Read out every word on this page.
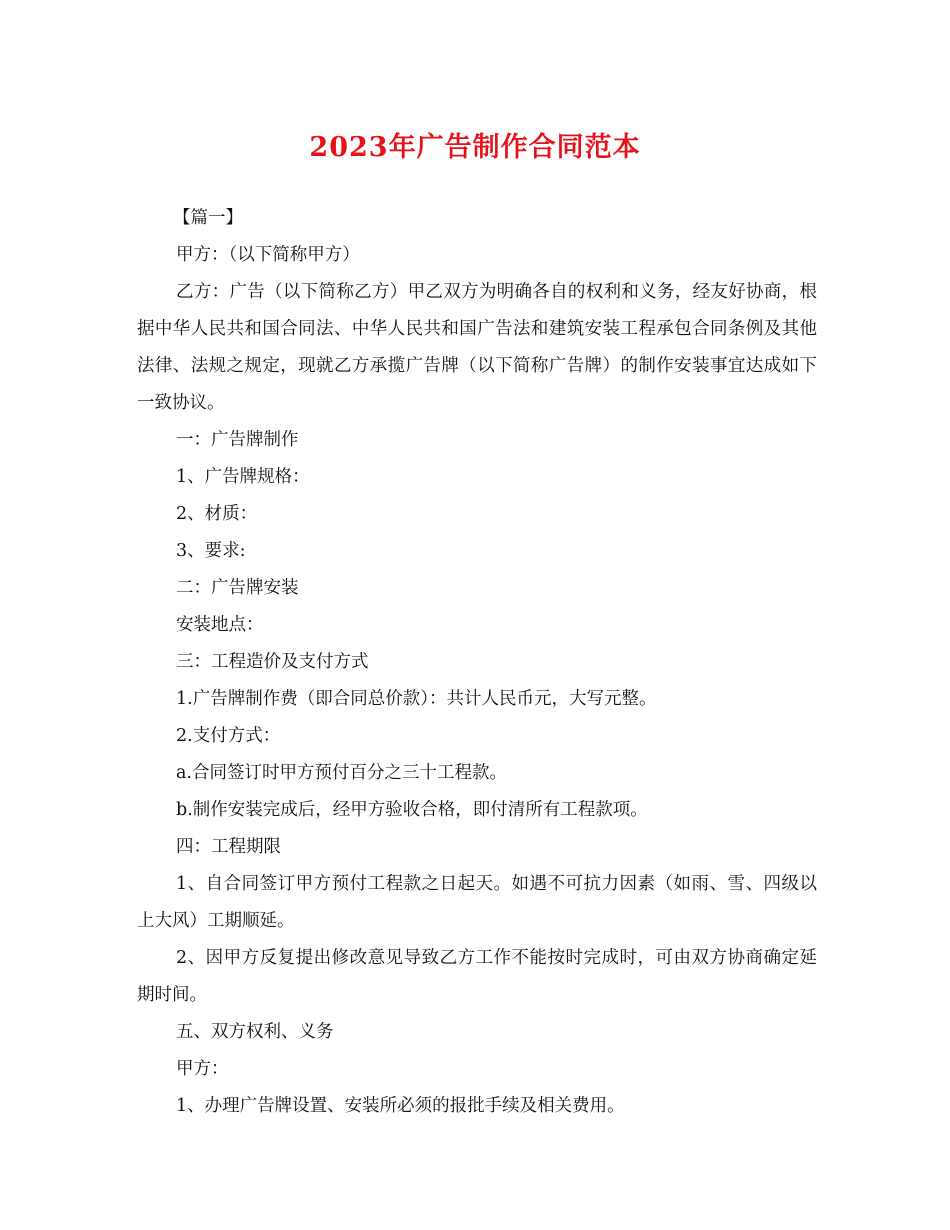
2023年广告制作合同范本

【篇一】

甲方：（以下简称甲方）

乙方：广告（以下简称乙方）甲乙双方为明确各自的权利和义务，经友好协商，根据中华人民共和国合同法、中华人民共和国广告法和建筑安装工程承包合同条例及其他法律、法规之规定，现就乙方承揽广告牌（以下简称广告牌）的制作安装事宜达成如下一致协议。

一：广告牌制作

1、广告牌规格：

2、材质：

3、要求:

二：广告牌安装

安装地点：

三：工程造价及支付方式

1.广告牌制作费（即合同总价款）：共计人民币元，大写元整。

2.支付方式：

a.合同签订时甲方预付百分之三十工程款。

b.制作安装完成后，经甲方验收合格，即付清所有工程款项。

四：工程期限

1、自合同签订甲方预付工程款之日起天。如遇不可抗力因素（如雨、雪、四级以上大风）工期顺延。

2、因甲方反复提出修改意见导致乙方工作不能按时完成时，可由双方协商确定延期时间。

五、双方权利、义务

甲方：

1、办理广告牌设置、安装所必须的报批手续及相关费用。
